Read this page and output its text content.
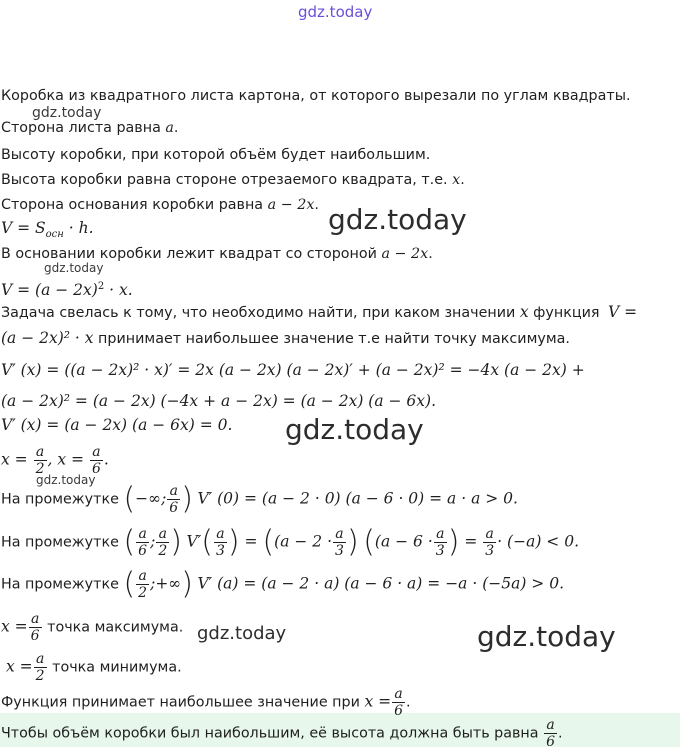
gdz.today
gdz.today
gdz.today
gdz.today
gdz.today
gdz.today
gdz.today	gdz.today
Коробка из квадратного листа картона, от которого вырезали по углам квадраты.
Сторона листа равна a.
Высоту коробки, при которой объём будет наибольшим.
Высота коробки равна стороне отрезаемого квадрата, т.е. x.
Сторона основания коробки равна a − 2x.
$V = S_{осн} \cdot h$.
В основании коробки лежит квадрат со стороной a − 2x.
$V = (a - 2x)^2 \cdot x$.
Задача свелась к тому, что необходимо найти, при каком значении x функция V =
(a − 2x)² · x принимает наибольшее значение т.е найти точку максимума.
V′ (x) = ((a − 2x)² · x)′ = 2x (a − 2x) (a − 2x)′ + (a − 2x)² = −4x (a − 2x) +
(a − 2x)² = (a − 2x) (−4x + a − 2x) = (a − 2x) (a − 6x).
V′ (x) = (a − 2x) (a − 6x) = 0.
$x = \frac{a}{2}$ , $x = \frac{a}{6}$ .
На промежутке (−∞; $\frac{a}{6}$ ) V′ (0) = (a − 2 · 0) (a − 6 · 0) = a · a > 0.
На промежутке ( $\frac{a}{6}$ ; $\frac{a}{2}$ ) $V'( \frac{a}{3}$ ) = (($a - 2 \cdot \frac{a}{3}$ ) (($a - 6 \cdot \frac{a}{3}$ ) = $\frac{a}{3} \cdot (-a) < 0$.
На промежутке ( $\frac{a}{2}$ ;+∞) V′ (a) = (a − 2 · a) (a − 6 · a) = −a · (−5a) > 0.
$x = \frac{a}{6}$ точка максимума.
$x = \frac{a}{2}$ точка минимума.
Функция принимает наибольшее значение при $x = \frac{a}{6}$ .
Чтобы объём коробки был наибольшим, её высота должна быть равна $\frac{a}{6}$ .
